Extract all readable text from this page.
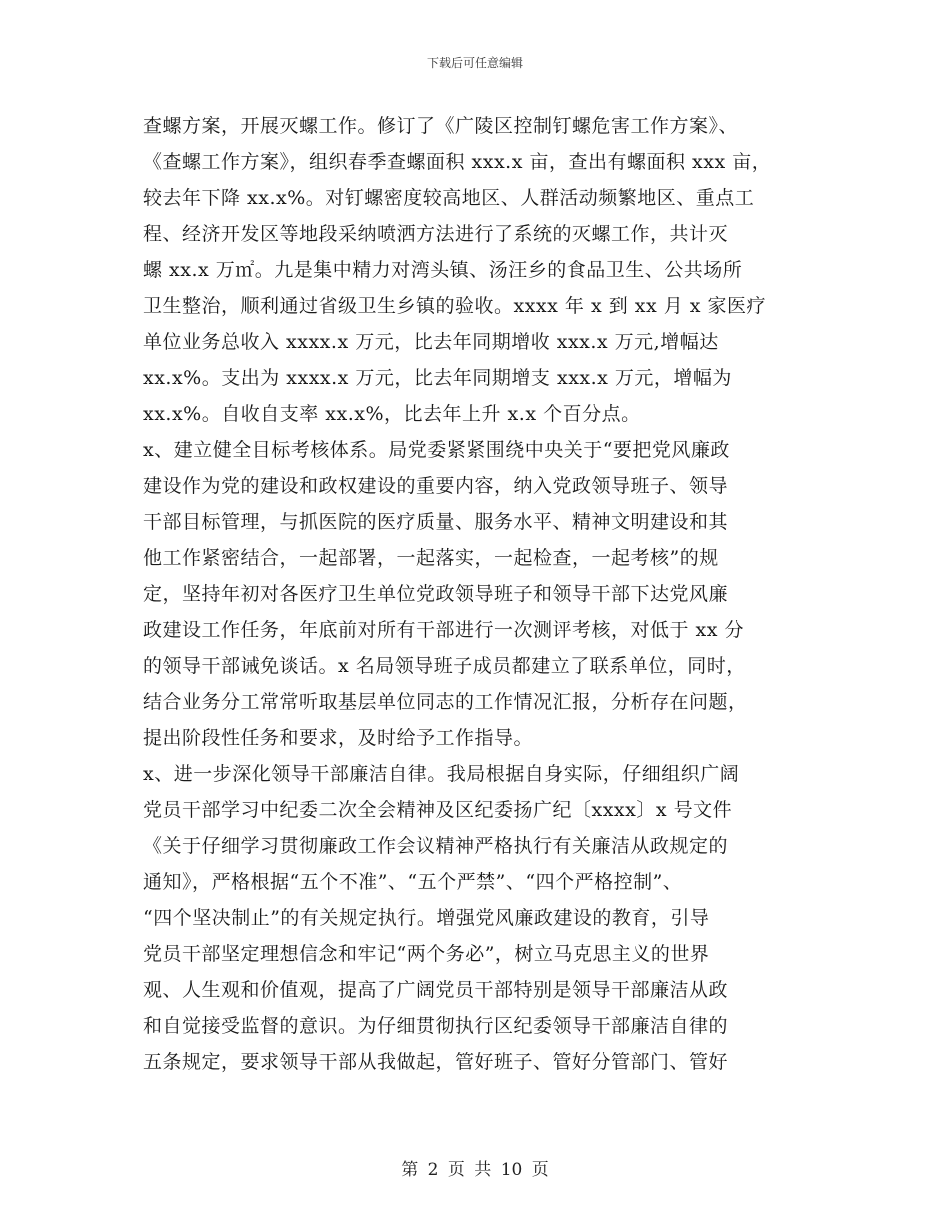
下载后可任意编辑
查螺方案，开展灭螺工作。修订了《广陵区控制钉螺危害工作方案》、
《查螺工作方案》，组织春季查螺面积 xxx.x 亩，查出有螺面积 xxx 亩，
较去年下降 xx.x%。对钉螺密度较高地区、人群活动频繁地区、重点工
程、经济开发区等地段采纳喷洒方法进行了系统的灭螺工作，共计灭
螺 xx.x 万㎡。九是集中精力对湾头镇、汤汪乡的食品卫生、公共场所
卫生整治，顺利通过省级卫生乡镇的验收。xxxx 年 x 到 xx 月 x 家医疗
单位业务总收入 xxxx.x 万元，比去年同期增收 xxx.x 万元,增幅达
xx.x%。支出为 xxxx.x 万元，比去年同期增支 xxx.x 万元，增幅为
xx.x%。自收自支率 xx.x%，比去年上升 x.x 个百分点。
x、建立健全目标考核体系。局党委紧紧围绕中央关于“要把党风廉政
建设作为党的建设和政权建设的重要内容，纳入党政领导班子、领导
干部目标管理，与抓医院的医疗质量、服务水平、精神文明建设和其
他工作紧密结合，一起部署，一起落实，一起检查，一起考核”的规
定，坚持年初对各医疗卫生单位党政领导班子和领导干部下达党风廉
政建设工作任务，年底前对所有干部进行一次测评考核，对低于 xx 分
的领导干部诫免谈话。x 名局领导班子成员都建立了联系单位，同时，
结合业务分工常常听取基层单位同志的工作情况汇报，分析存在问题，
提出阶段性任务和要求，及时给予工作指导。
x、进一步深化领导干部廉洁自律。我局根据自身实际，仔细组织广阔
党员干部学习中纪委二次全会精神及区纪委扬广纪〔xxxx〕x 号文件
《关于仔细学习贯彻廉政工作会议精神严格执行有关廉洁从政规定的
通知》，严格根据“五个不准”、“五个严禁”、“四个严格控制”、
“四个坚决制止”的有关规定执行。增强党风廉政建设的教育，引导
党员干部坚定理想信念和牢记“两个务必”，树立马克思主义的世界
观、人生观和价值观，提高了广阔党员干部特别是领导干部廉洁从政
和自觉接受监督的意识。为仔细贯彻执行区纪委领导干部廉洁自律的
五条规定，要求领导干部从我做起，管好班子、管好分管部门、管好
第 2 页 共 10 页
